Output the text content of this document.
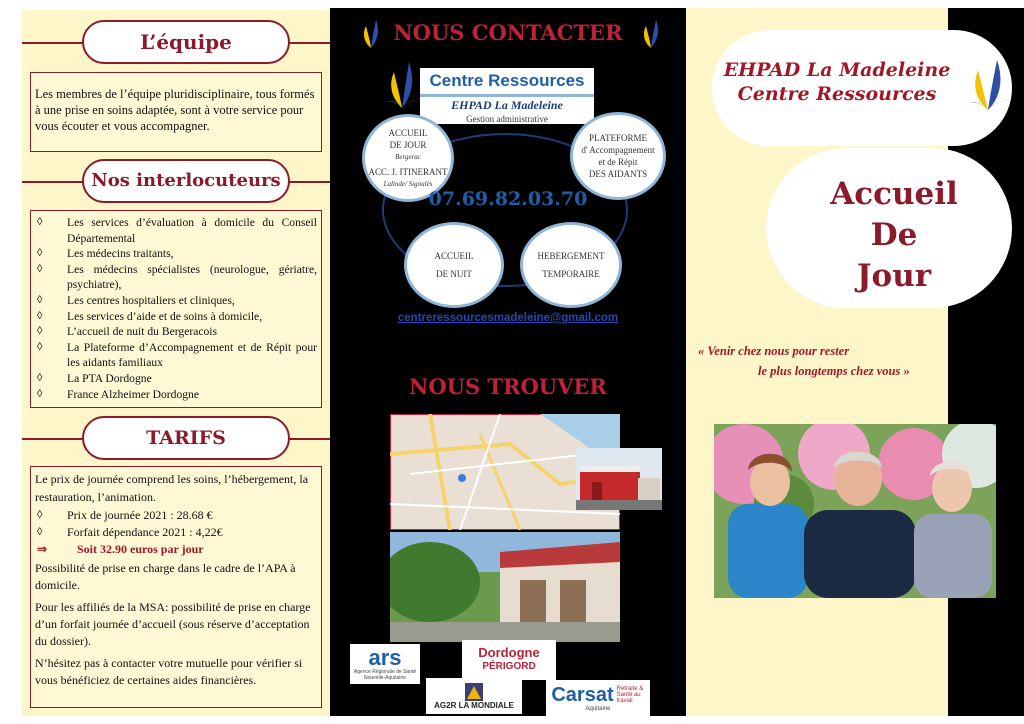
L’équipe

Les membres de l’équipe pluridisciplinaire, tous formés à une prise en soins adaptée, sont à votre service pour vous écouter et vous accompagner.

Nos interlocuteurs
◊ Les services d’évaluation à domicile du Conseil Départemental
◊ Les médecins traitants,
◊ Les médecins spécialistes (neurologue, gériatre, psychiatre),
◊ Les centres hospitaliers et cliniques,
◊ Les services d’aide et de soins à domicile,
◊ L’accueil de nuit du Bergeracois
◊ La Plateforme d’Accompagnement et de Répit pour les aidants familiaux
◊ La PTA Dordogne
◊ France Alzheimer Dordogne
TARIFS

Le prix de journée comprend les soins, l’hébergement, la restauration, l’animation.

◊ Prix de journée 2021 : 28.68 €
◊ Forfait dépendance 2021 : 4,22€
⇒ Soit 32.90 euros par jour

Possibilité de prise en charge dans le cadre de l’APA à domicile.

Pour les affiliés de la MSA: possibilité de prise en charge d’un forfait journée d’accueil (sous réserve d’acceptation du dossier).

N’hésitez pas à contacter votre mutuelle pour vérifier si vous bénéficiez de certaines aides financières.

NOUS CONTACTER
Centre Ressources
EHPAD La Madeleine
Gestion administrative
ACCUEIL
DE JOUR
Bergerac
ACC. J. ITINERANT
Lalinde/ Sigoulès
PLATEFORME
d' Accompagnement
et de Répit
DES AIDANTS
07.69.82.03.70
ACCUEIL
DE NUIT
HEBERGEMENT
TEMPORAIRE
centreressourcesmadeleine@gmail.com
NOUS TROUVER
ars
Agence Régionale de Santé Nouvelle-Aquitaine
Dordogne
PÉRIGORD
AG2R LA MONDIALE Carsat Retraite & Santé au travail
Aquitaine
EHPAD La Madeleine
Centre Ressources
Accueil
De
Jour
« Venir chez nous pour rester
le plus longtemps chez vous »
